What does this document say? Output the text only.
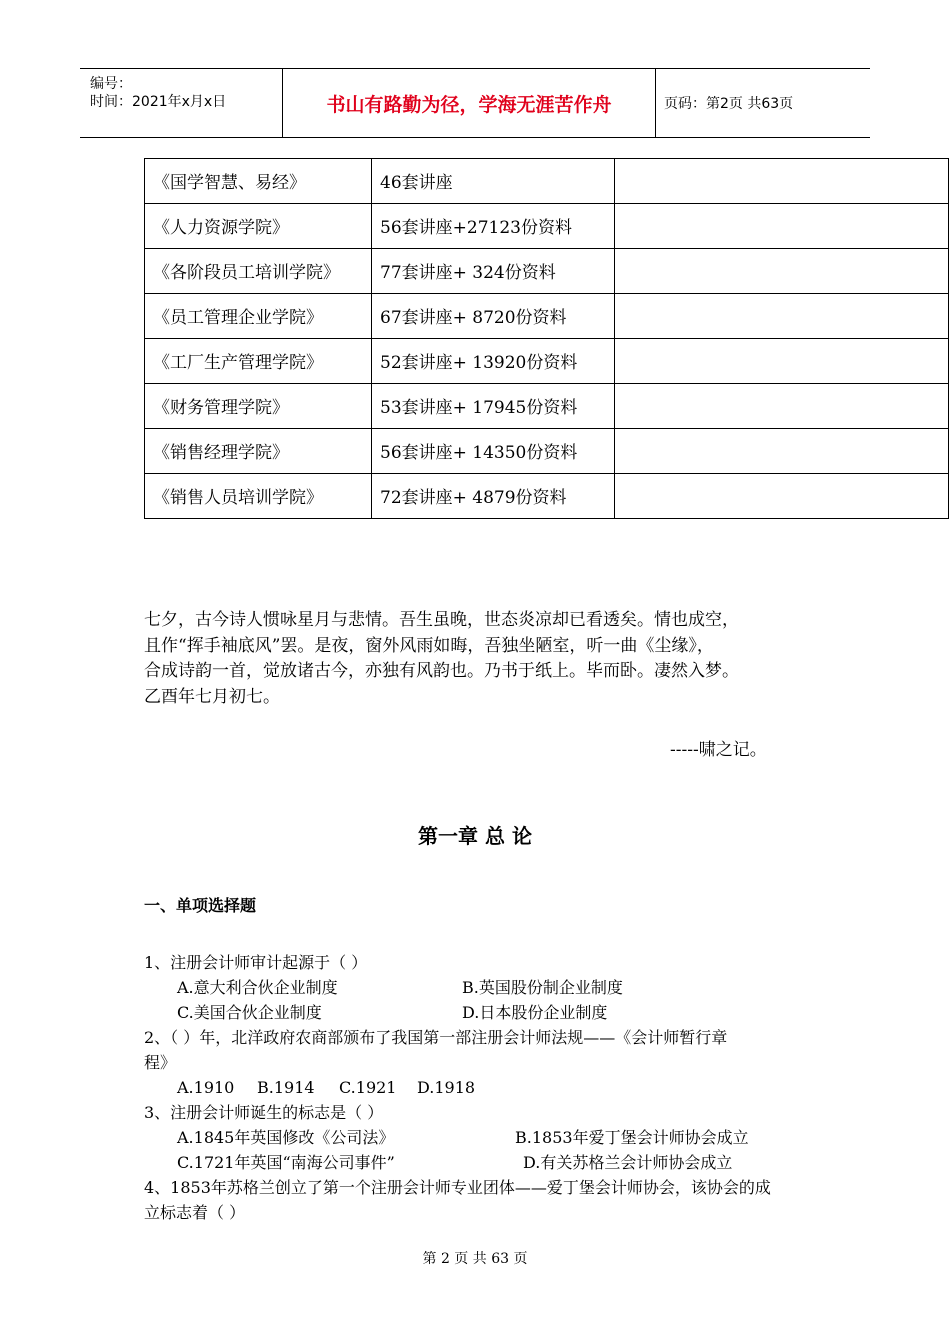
编号：
时间：2021年x月x日	书山有路勤为径，学海无涯苦作舟	页码：第2页 共63页
《国学智慧、易经》	46套讲座	
《人力资源学院》	56套讲座+27123份资料	
《各阶段员工培训学院》	77套讲座+ 324份资料	
《员工管理企业学院》	67套讲座+ 8720份资料	
《工厂生产管理学院》	52套讲座+ 13920份资料	
《财务管理学院》	53套讲座+ 17945份资料	
《销售经理学院》	56套讲座+ 14350份资料	
《销售人员培训学院》	72套讲座+ 4879份资料	
七夕，古今诗人惯咏星月与悲情。吾生虽晚，世态炎凉却已看透矣。情也成空，
且作“挥手袖底风”罢。是夜，窗外风雨如晦，吾独坐陋室，听一曲《尘缘》，
合成诗韵一首，觉放诸古今，亦独有风韵也。乃书于纸上。毕而卧。凄然入梦。
乙酉年七月初七。
-----啸之记。
第一章 总 论
一、单项选择题
1、注册会计师审计起源于（ ）
A.意大利合伙企业制度	B.英国股份制企业制度
C.美国合伙企业制度	D.日本股份企业制度
2、（ ）年，北洋政府农商部颁布了我国第一部注册会计师法规——《会计师暂行章
程》
A.1910 B.1914 C.1921 D.1918
3、注册会计师诞生的标志是（ ）
A.1845年英国修改《公司法》	B.1853年爱丁堡会计师协会成立
C.1721年英国“南海公司事件”	D.有关苏格兰会计师协会成立
4、1853年苏格兰创立了第一个注册会计师专业团体——爱丁堡会计师协会，该协会的成
立标志着（ ）
第 2 页 共 63 页
